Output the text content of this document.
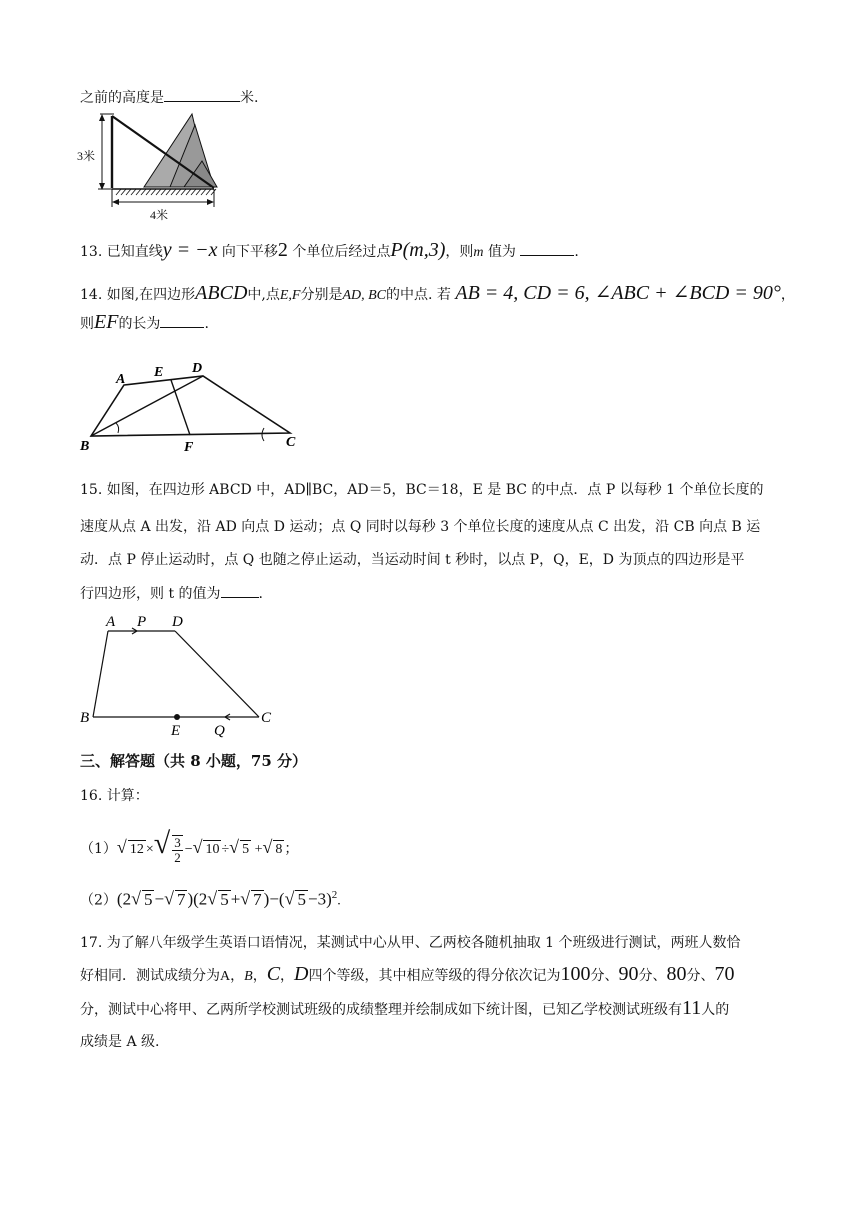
之前的高度是	米.
3米
4米
13. 已知直线y = −x 向下平移2 个单位后经过点P(m,3)，则m 值为	.
14. 如图,在四边形ABCD中,点E,F分别是AD, BC的中点. 若 AB = 4, CD = 6, ∠ABC + ∠BCD = 90°，
则EF的长为	.
A E D
B	F	C
15. 如图，在四边形 ABCD 中，AD∥BC，AD＝5，BC＝18，E 是 BC 的中点．点 P 以每秒 1 个单位长度的
速度从点 A 出发，沿 AD 向点 D 运动；点 Q 同时以每秒 3 个单位长度的速度从点 C 出发，沿 CB 向点 B 运
动．点 P 停止运动时，点 Q 也随之停止运动，当运动时间 t 秒时，以点 P，Q，E，D 为顶点的四边形是平
行四边形，则 t 的值为	.
A P D
B
E Q
C
三、解答题（共 8 小题，75 分）
16. 计算：
（1）√ 12 ×√ $\frac{3}{2}$ −√ 10 ÷√ 5 +√ 8 ；
（2）(2√ 5 −√ 7 )(2√ 5 +√ 7 )−(√ 5 −3)$^2$.
17. 为了解八年级学生英语口语情况，某测试中心从甲、乙两校各随机抽取 1 个班级进行测试，两班人数恰
好相同．测试成绩分为A，B，C，D四个等级，其中相应等级的得分依次记为100分、90分、80分、70
分，测试中心将甲、乙两所学校测试班级的成绩整理并绘制成如下统计图，已知乙学校测试班级有11人的
成绩是 A 级.
